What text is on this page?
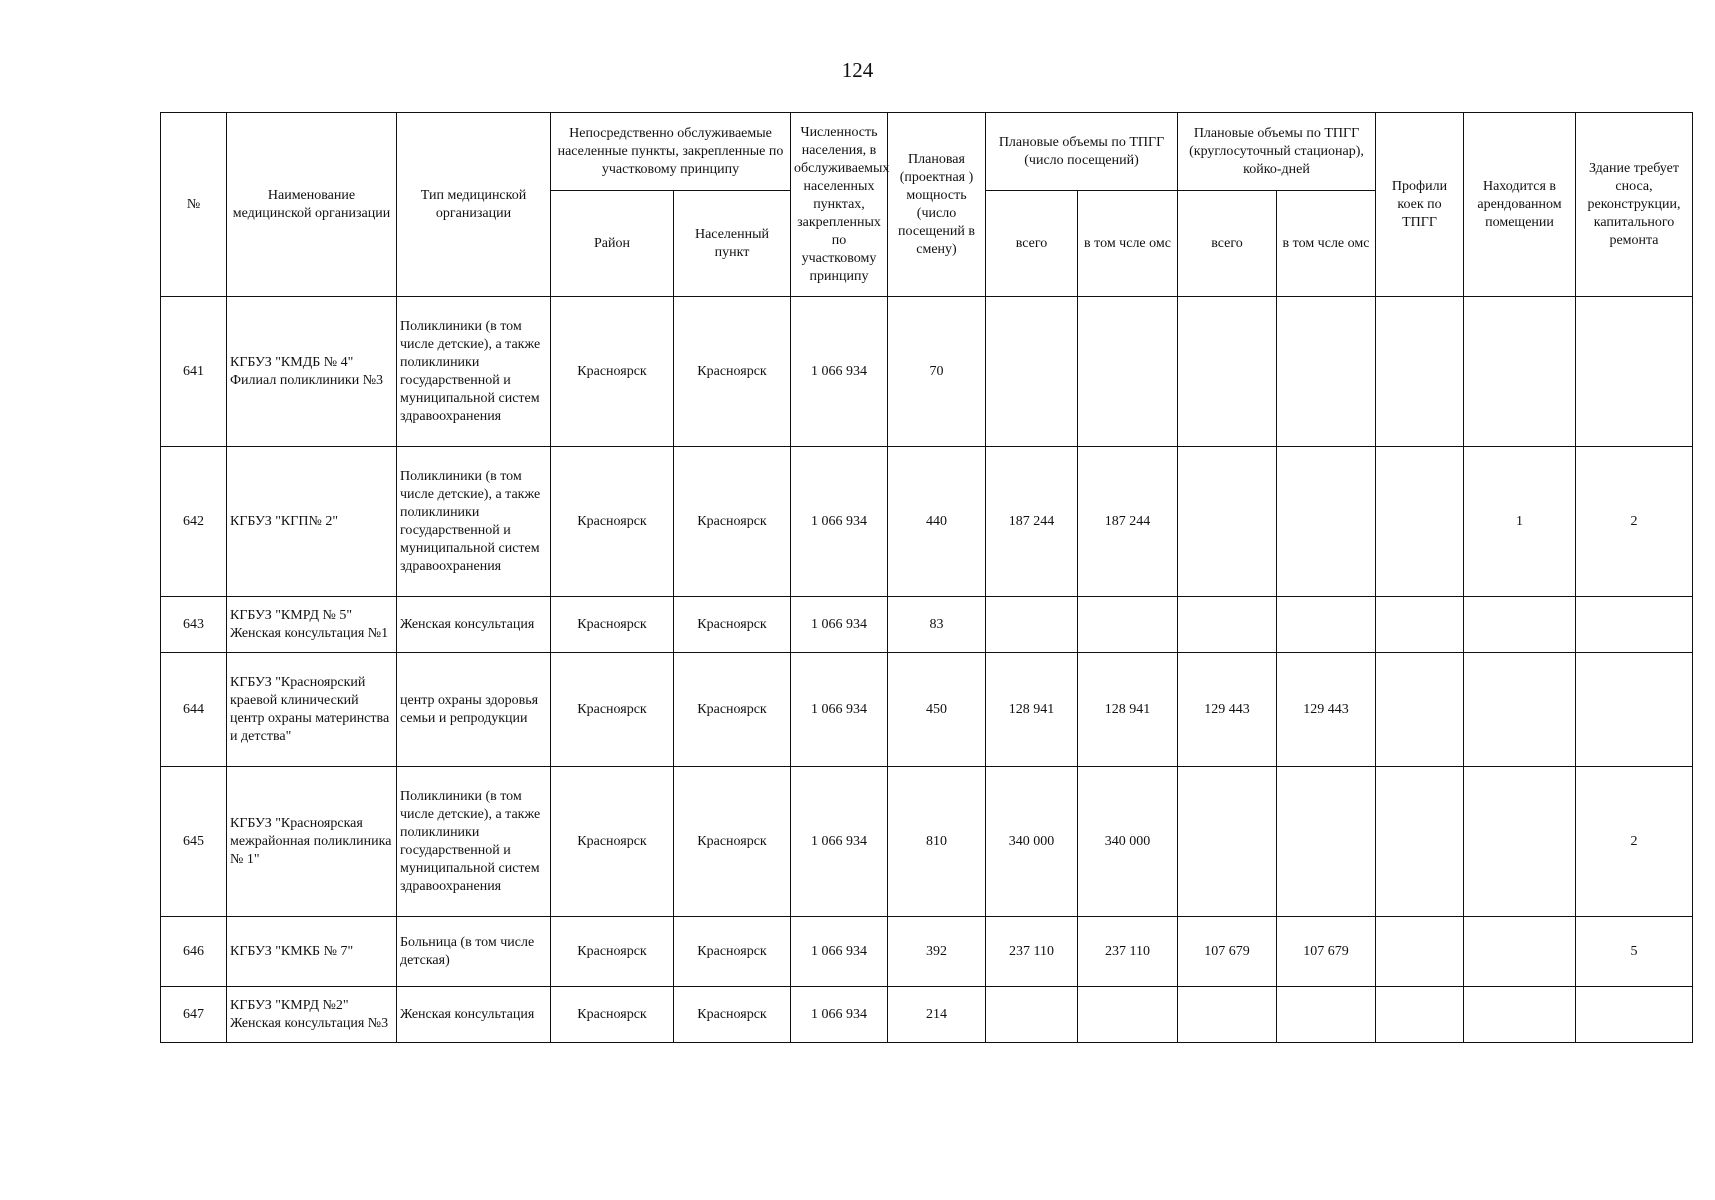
124
№	Наименование медицинской организации	Тип медицинской организации	Непосредственно обслуживаемые населенные пункты, закрепленные по участковому принципу		Численность населения, в обслуживаемых населенных пунктах, закрепленных по участковому принципу	Плановая (проектная ) мощность (число посещений в смену)	Плановые объемы по ТПГГ (число посещений)		Плановые объемы по ТПГГ (круглосуточный стационар), койко-дней		Профили коек по ТПГГ	Находится в арендованном помещении	Здание требует сноса, реконструкции, капитального ремонта
			Район	Населенный пункт			всего	в том чсле омс	всего	в том чсле омс			
641	КГБУЗ "КМДБ № 4" Филиал поликлиники №3	Поликлиники (в том числе детские), а также поликлиники государственной и муниципальной систем здравоохранения	Красноярск	Красноярск	1 066 934	70							
642	КГБУЗ "КГП№ 2"	Поликлиники (в том числе детские), а также поликлиники государственной и муниципальной систем здравоохранения	Красноярск	Красноярск	1 066 934	440	187 244	187 244				1	2
643	КГБУЗ "КМРД № 5" Женская консультация №1	Женская консультация	Красноярск	Красноярск	1 066 934	83							
644	КГБУЗ "Красноярский краевой клинический центр охраны материнства и детства"	центр охраны здоровья семьи и репродукции	Красноярск	Красноярск	1 066 934	450	128 941	128 941	129 443	129 443			
645	КГБУЗ "Красноярская межрайонная поликлиника № 1"	Поликлиники (в том числе детские), а также поликлиники государственной и муниципальной систем здравоохранения	Красноярск	Красноярск	1 066 934	810	340 000	340 000					2
646	КГБУЗ "КМКБ № 7"	Больница (в том числе детская)	Красноярск	Красноярск	1 066 934	392	237 110	237 110	107 679	107 679			5
647	КГБУЗ "КМРД №2" Женская консультация №3	Женская консультация	Красноярск	Красноярск	1 066 934	214							
